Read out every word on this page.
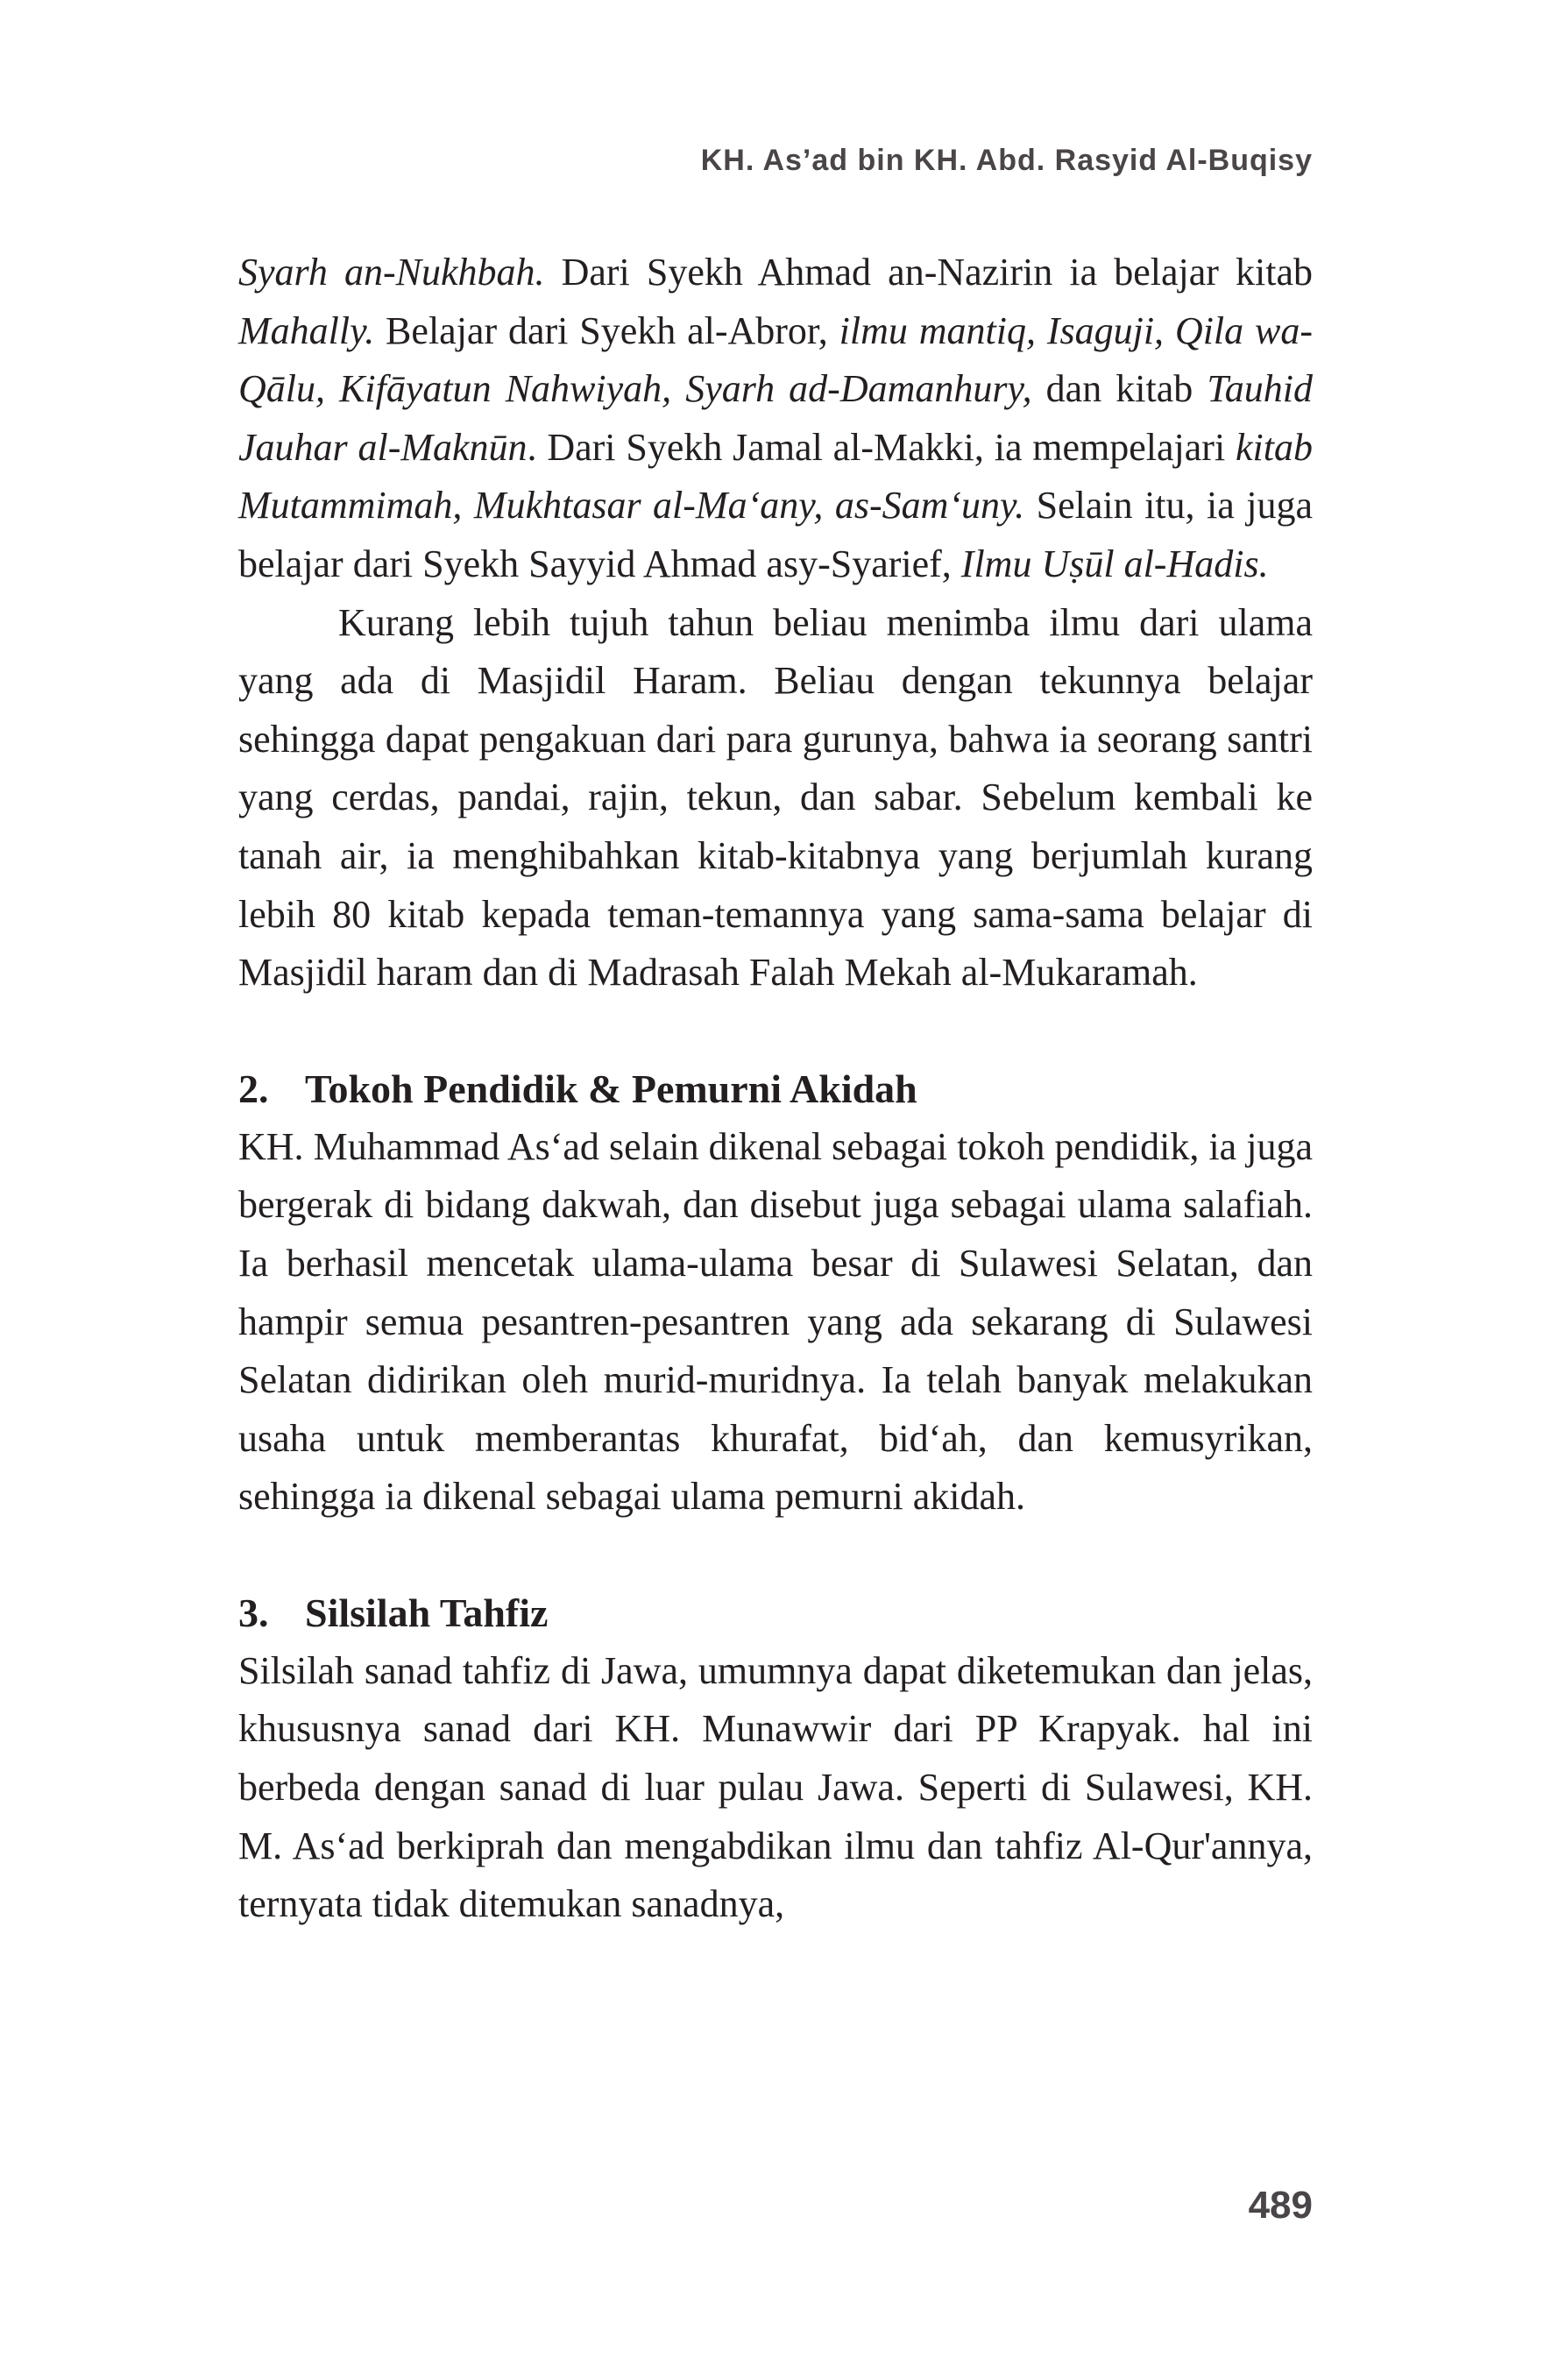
KH. As’ad bin KH. Abd. Rasyid Al-Buqisy

Syarh an-Nukhbah. Dari Syekh Ahmad an-Nazirin ia belajar kitab Mahally. Belajar dari Syekh al-Abror, ilmu mantiq, Isaguji, Qila wa-Qālu, Kifāyatun Nahwiyah, Syarh ad-Damanhury, dan kitab Tauhid Jauhar al-Maknūn. Dari Syekh Jamal al-Makki, ia mempelajari kitab Mutammimah, Mukhtasar al-Ma‘any, as-Sam‘uny. Selain itu, ia juga belajar dari Syekh Sayyid Ahmad asy-Syarief, Ilmu Uṣūl al-Hadis.

Kurang lebih tujuh tahun beliau menimba ilmu dari ulama yang ada di Masjidil Haram. Beliau dengan tekunnya belajar sehingga dapat pengakuan dari para gurunya, bahwa ia seorang santri yang cerdas, pandai, rajin, tekun, dan sabar. Sebelum kembali ke tanah air, ia menghibahkan kitab-kitabnya yang berjumlah kurang lebih 80 kitab kepada teman-temannya yang sama-sama belajar di Masjidil haram dan di Madrasah Falah Mekah al-Mukaramah.

2. Tokoh Pendidik & Pemurni Akidah

KH. Muhammad As‘ad selain dikenal sebagai tokoh pendidik, ia juga bergerak di bidang dakwah, dan disebut juga sebagai ulama salafiah. Ia berhasil mencetak ulama-ulama besar di Sulawesi Selatan, dan hampir semua pesantren-pesantren yang ada sekarang di Sulawesi Selatan didirikan oleh murid-muridnya. Ia telah banyak melakukan usaha untuk memberantas khurafat, bid‘ah, dan kemusyrikan, sehingga ia dikenal sebagai ulama pemurni akidah.

3. Silsilah Tahfiz

Silsilah sanad tahfiz di Jawa, umumnya dapat diketemukan dan jelas, khususnya sanad dari KH. Munawwir dari PP Krapyak. hal ini berbeda dengan sanad di luar pulau Jawa. Seperti di Sulawesi, KH. M. As‘ad berkiprah dan mengabdikan ilmu dan tahfiz Al-Qur'annya, ternyata tidak ditemukan sanadnya,

489
